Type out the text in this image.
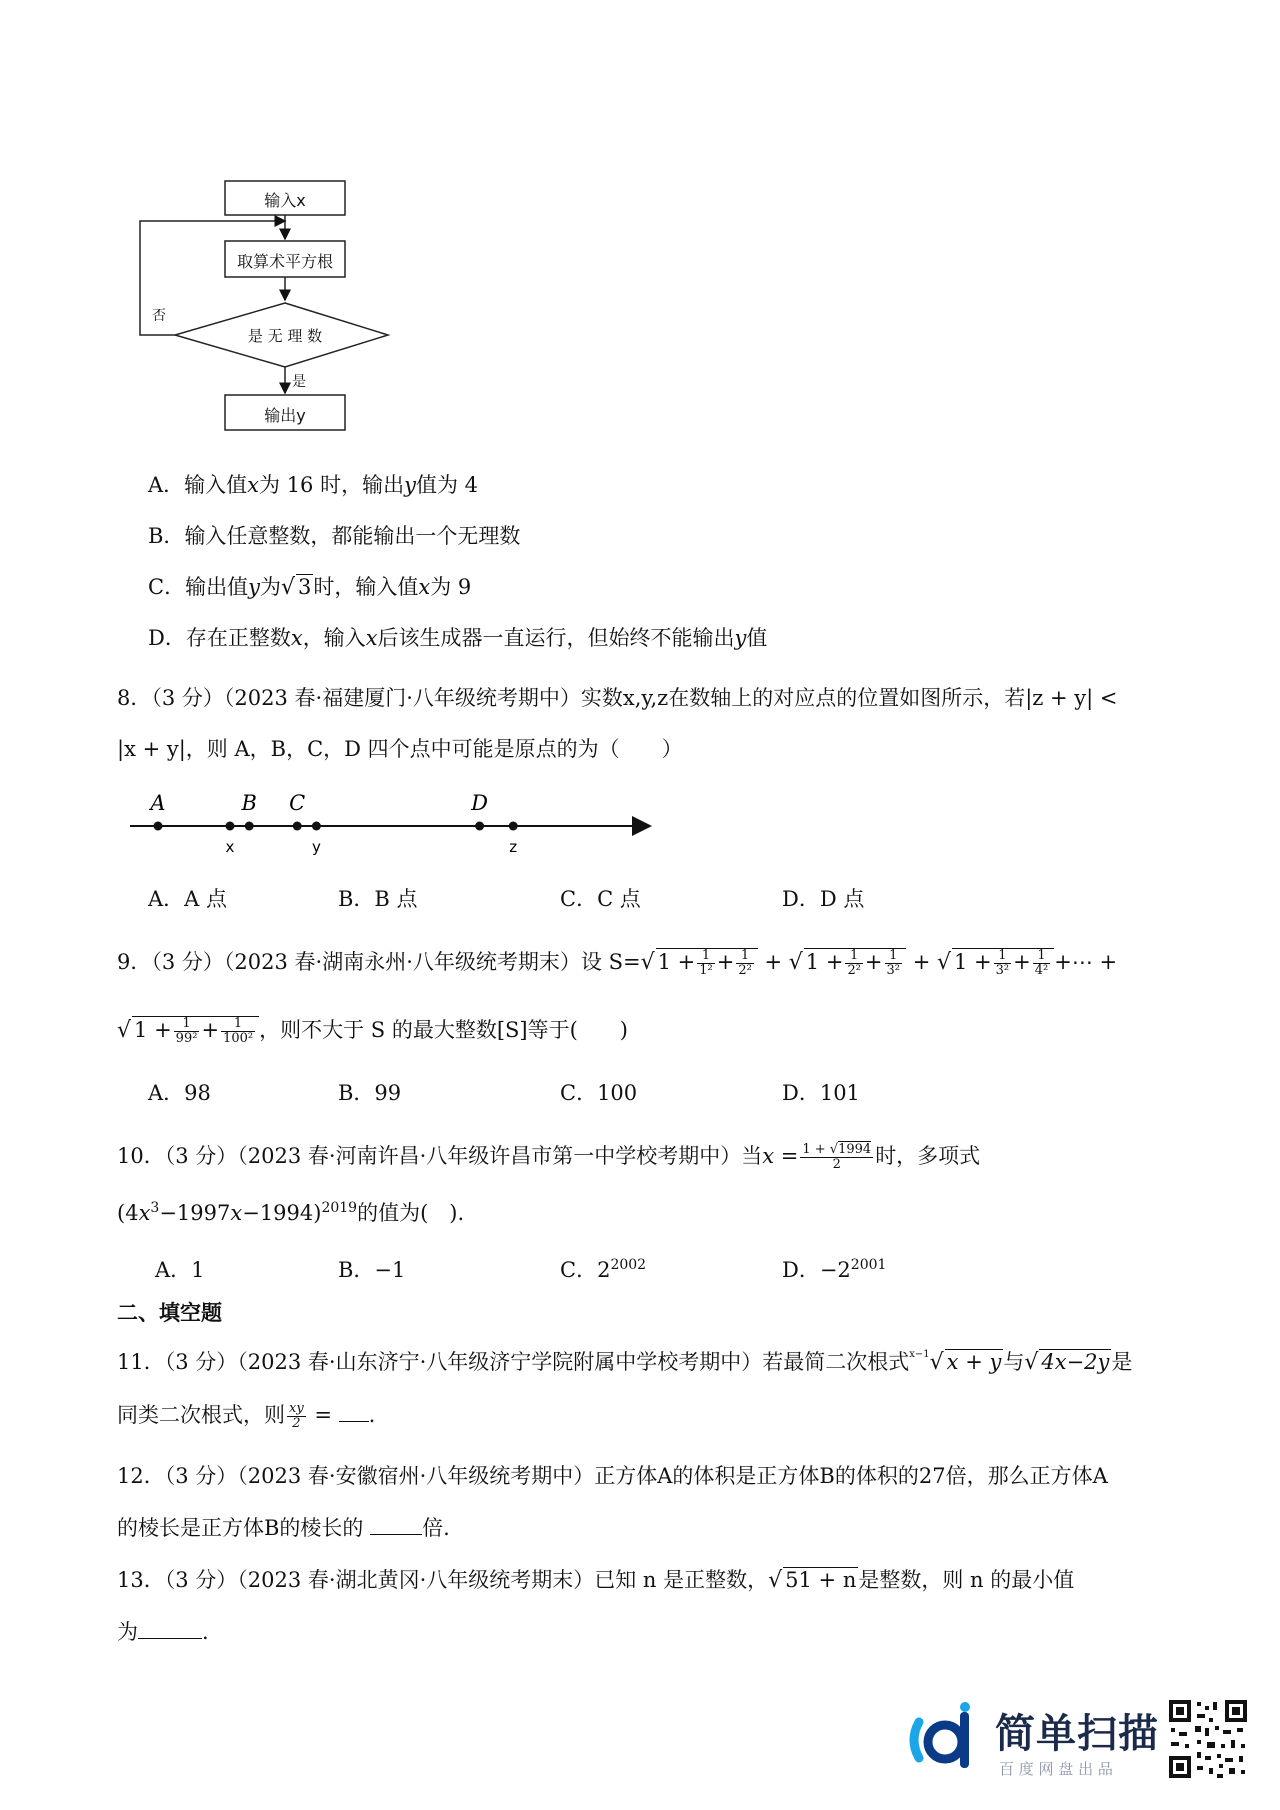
输入x
取算术平方根
是 无 理 数
否
是
输出y
A．输入值x为 16 时，输出y值为 4
B．输入任意整数，都能输出一个无理数
C．输出值y为√ 3时，输入值x为 9
D．存在正整数x，输入x后该生成器一直运行，但始终不能输出y值
8．（3 分）（2023 春·福建厦门·八年级统考期中）实数x,y,z在数轴上的对应点的位置如图所示，若|z + y| <
|x + y|，则 A，B，C，D 四个点中可能是原点的为（　　）
A	B C	D
x	y	z
A．A 点	B．B 点	C．C 点	D．D 点
9．（3 分）（2023 春·湖南永州·八年级统考期末）设 S=√ $1 + \frac{1}{\text{1²}} + \frac{1}{\text{2²}}$ + √ $1 + \frac{1}{\text{2²}} + \frac{1}{\text{3²}}$ + √ $1 + \frac{1}{\text{3²}} + \frac{1}{\text{4²}}$ +⋯ +
√ $1 + \frac{1}{\text{99²}} + \frac{1}{\text{100²}}$ ，则不大于 S 的最大整数[S]等于(　　)
A．98	B．99	C．100	D．101
10．（3 分）（2023 春·河南许昌·八年级许昌市第一中学校考期中）当$x = \frac{1 + √1994}{2}$ 时，多项式
$(4x^3-1997x-1994)^{2019}$的值为(　).
A．1	B．−1	C．$2^{2002}$	D．$-2^{2001}$
二、填空题
11．（3 分）（2023 春·山东济宁·八年级济宁学院附属中学校考期中）若最简二次根式$^{x-1}$√ x + y与√ 4x−2y是
同类二次根式，则 $\frac{xy}{2}$ = .
12．（3 分）（2023 春·安徽宿州·八年级统考期中）正方体A的体积是正方体B的体积的27倍，那么正方体A
的棱长是正方体B的棱长的 倍.
13．（3 分）（2023 春·湖北黄冈·八年级统考期末）已知 n 是正整数，√ 51 + n是整数，则 n 的最小值
为	.
简单扫描
百 度 网 盘 出 品
